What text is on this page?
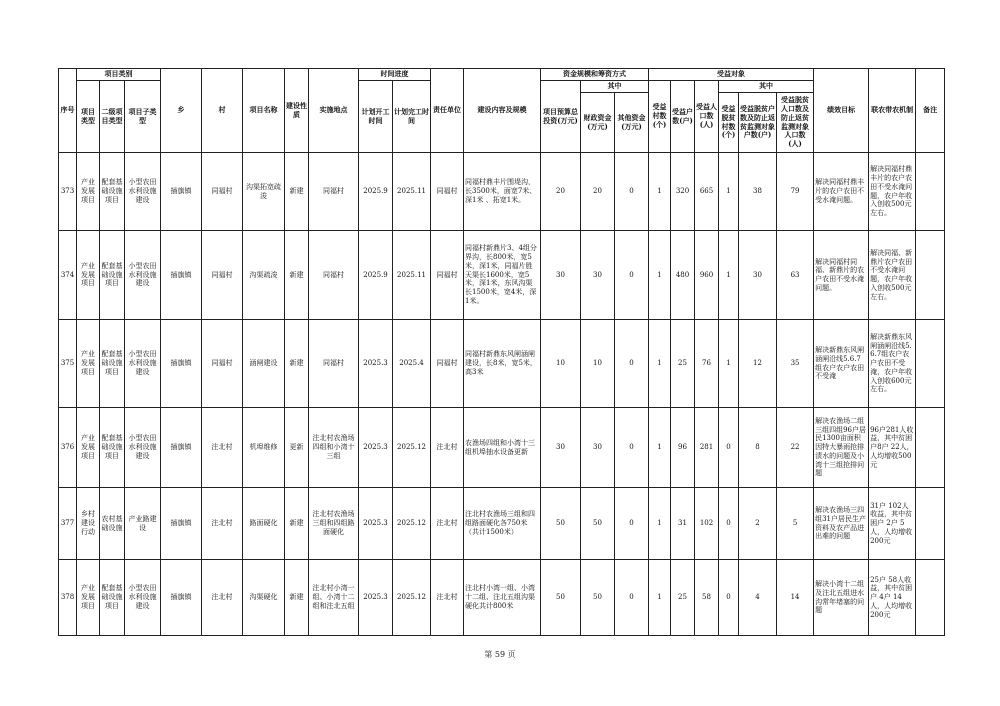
序号	项目类别			乡	村	项目名称	建设性质	实施地点	时间进度		责任单位	建设内容及规模	资金规模和筹资方式			受益对象						绩效目标	联农带农机制	备注
	项目类型	二级项目类型	项目子类型						计划开工时间	计划完工时间			项目预算总投资(万元)	其中		受益村数(个)	受益户数(户)	受益人口数(人)	其中					
														财政资金(万元)	其他资金(万元)				受益脱贫村数(个)	受益脱贫户数及防止返贫监测对象户数(户)	受益脱贫人口数及防止返贫监测对象人口数(人)			
373	产业发展项目	配套基础设施项目	小型农田水利设施建设	插旗镇	同福村	沟渠拓宽疏浚	新建	同福村	2025.9	2025.11	同福村	同福村鼎丰片围堤沟，长3500米，面宽7米、深1米 、拓宽1米。	20	20	0	1	320	665	1	38	79	解决同福村鼎丰片的农户农田不受水淹问题。	解决同福村鼎丰片的农户农田不受水淹问题，农户年收入创收500元左右。	
374	产业发展项目	配套基础设施项目	小型农田水利设施建设	插旗镇	同福村	沟渠疏浚	新建	同福村	2025.9	2025.11	同福村	同福村新鼎片3、4组分界沟，长800米，宽5米，深1米，同福片胜天渠长1600米，宽5米，深1米，东风沟渠长1500米，宽4米，深1米。	30	30	0	1	480	960	1	30	63	解决同福村同福、新鼎片的农户农田不受水淹问题。	解决同福、新鼎片农户农田不受水淹问题，农户年收入创收500元左右。	
375	产业发展项目	配套基础设施项目	小型农田水利设施建设	插旗镇	同福村	涵闸建设	新建	同福村	2025.3	2025.4	同福村	同福村新鼎东风闸涵闸建设，长8米，宽5米，高3米	10	10	0	1	25	76	1	12	35	解决新鼎东风闸涵闸沿线5.6.7组农户农户农田不受淹	解决新鼎东风闸涵闸沿线5.6.7组农户农户农田不受淹，农户年收入创收600元左右。	
376	产业发展项目	配套基础设施项目	小型农田水利设施建设	插旗镇	注北村	机埠维修	更新	注北村农渔场四组和小湾十三组	2025.3	2025.12	注北村	农渔场四组和小湾十三组机埠抽水设备更新	30	30	0	1	96	281	0	8	22	解决农渔场二组三组四组96户居民1300亩面积因特大暴雨抢排渍水的问题及小湾十三组抢排问题	96户281人收益，其中贫困户8户 22人，人均增收500元	
377	乡村建设行动	农村基础设施	产业路建设	插旗镇	注北村	路面硬化	新建	注北村农渔场三组和四组路面硬化	2025.3	2025.12	注北村	注北村农渔场三组和四组路面硬化各750米（共计1500米）	50	50	0	1	31	102	0	2	5	解决农渔场三四组31户居民生产资料及农产品进出难的问题	31户 102人收益，其中贫困户 2户 5人，人均增收200元	
378	产业发展项目	配套基础设施项目	小型农田水利设施建设	插旗镇	注北村	沟渠硬化	新建	注北村小湾一组、小湾十二组和注北五组	2025.3	2025.12	注北村	注北村小湾一组、小湾十二组、注北五组沟渠硬化共计800米	50	50	0	1	25	58	0	4	14	解决小湾十二组及注北五组进水沟常年堵塞的问题	25户 58人收益，其中贫困户 4户 14人，人均增收200元	
第 59 页
